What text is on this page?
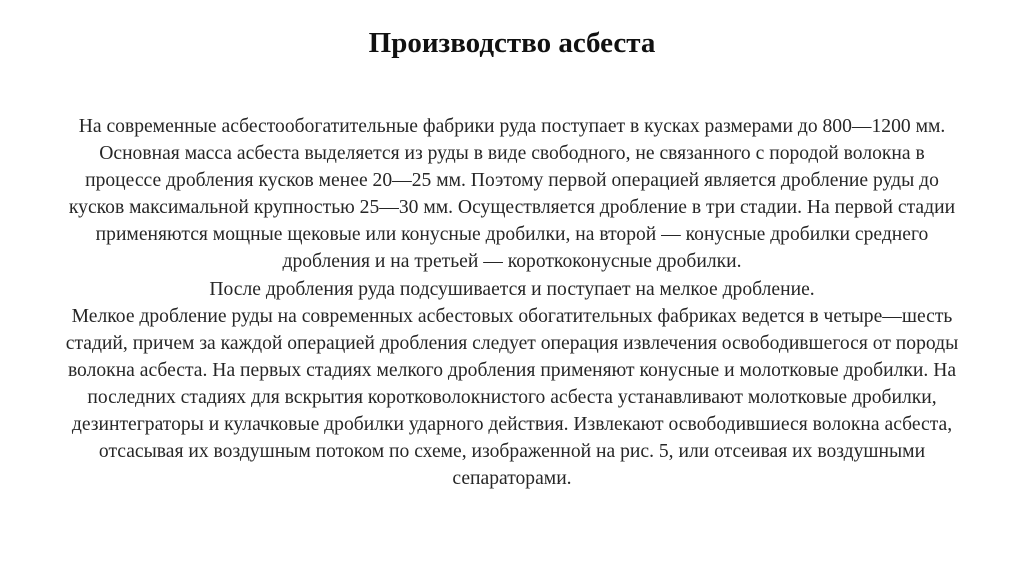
Производство асбеста

На современные асбестообогатительные фабрики руда поступает в кусках размерами до 800—1200 мм. Основная масса асбеста выделяется из руды в виде свободного, не связанного с породой волокна в процессе дробления кусков менее 20—25 мм. Поэтому первой операцией является дробление руды до кусков максимальной крупностью 25—30 мм. Осуществляется дробление в три стадии. На первой стадии применяются мощные щековые или конусные дробилки, на второй — конусные дробилки среднего дробления и на третьей — короткоконусные дробилки.

После дробления руда подсушивается и поступает на мелкое дробление.

Мелкое дробление руды на современных асбестовых обогатительных фабриках ведется в четыре—шесть стадий, причем за каждой операцией дробления следует операция извлечения освободившегося от породы волокна асбеста. На первых стадиях мелкого дробления применяют конусные и молотковые дробилки. На последних стадиях для вскрытия коротковолокнистого асбеста устанавливают молотковые дробилки, дезинтеграторы и кулачковые дробилки ударного действия. Извлекают освободившиеся волокна асбеста, отсасывая их воздушным потоком по схеме, изображенной на рис. 5, или отсеивая их воздушными сепараторами.
